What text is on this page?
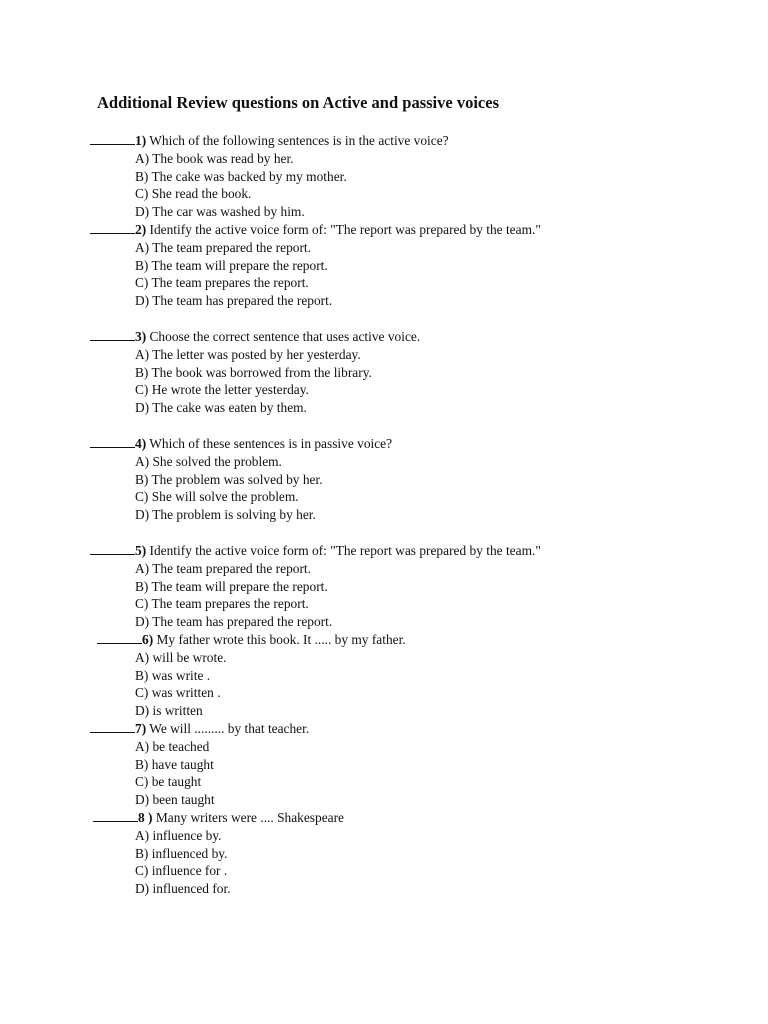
Additional Review questions on Active and passive voices
1) Which of the following sentences is in the active voice?
A) The book was read by her.
B) The cake was backed by my mother.
C) She read the book.
D) The car was washed by him.
2) Identify the active voice form of: "The report was prepared by the team."
A) The team prepared the report.
B) The team will prepare the report.
C) The team prepares the report.
D) The team has prepared the report.
3) Choose the correct sentence that uses active voice.
A) The letter was posted by her yesterday.
B) The book was borrowed from the library.
C) He wrote the letter yesterday.
D) The cake was eaten by them.
4) Which of these sentences is in passive voice?
A) She solved the problem.
B) The problem was solved by her.
C) She will solve the problem.
D) The problem is solving by her.
5) Identify the active voice form of: "The report was prepared by the team."
A) The team prepared the report.
B) The team will prepare the report.
C) The team prepares the report.
D) The team has prepared the report.
6) My father wrote this book. It ..... by my father.
A) will be wrote.
B) was write .
C) was written .
D) is written
7) We will ......... by that teacher.
A) be teached
B) have taught
C) be taught
D) been taught
8 ) Many writers were .... Shakespeare
A) influence by.
B) influenced by.
C) influence for .
D) influenced for.
